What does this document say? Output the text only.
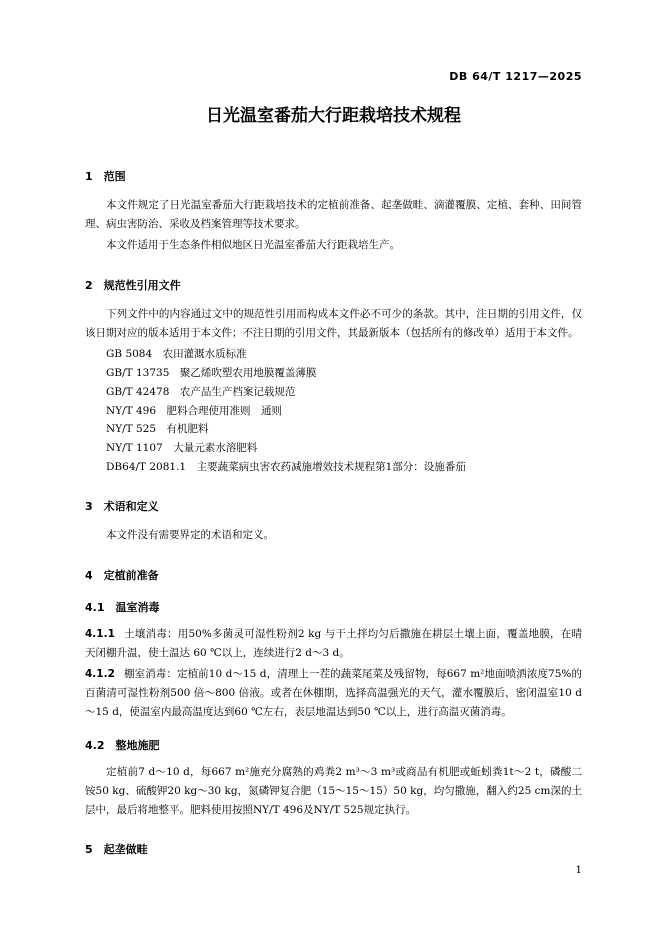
DB 64/T 1217—2025
日光温室番茄大行距栽培技术规程
1　范围

本文件规定了日光温室番茄大行距栽培技术的定植前准备、起垄做畦、滴灌覆膜、定植、套种、田间管理、病虫害防治、采收及档案管理等技术要求。

本文件适用于生态条件相似地区日光温室番茄大行距栽培生产。

2　规范性引用文件

下列文件中的内容通过文中的规范性引用而构成本文件必不可少的条款。其中，注日期的引用文件，仅该日期对应的版本适用于本文件；不注日期的引用文件，其最新版本（包括所有的修改单）适用于本文件。

GB 5084　农田灌溉水质标准
GB/T 13735　聚乙烯吹塑农用地膜覆盖薄膜
GB/T 42478　农产品生产档案记载规范
NY/T 496　肥料合理使用准则　通则
NY/T 525　有机肥料
NY/T 1107　大量元素水溶肥料
DB64/T 2081.1　主要蔬菜病虫害农药减施增效技术规程第1部分：设施番茄
3　术语和定义

本文件没有需要界定的术语和定义。

4　定植前准备
4.1　温室消毒

4.1.1 土壤消毒：用50%多菌灵可湿性粉剂2 kg 与干土拌均匀后撒施在耕层土壤上面，覆盖地膜，在晴天闭棚升温，使土温达 60 ℃以上，连续进行2 d～3 d。

4.1.2 棚室消毒：定植前10 d～15 d，清理上一茬的蔬菜尾菜及残留物，每667 m²地面喷洒浓度75%的百菌清可湿性粉剂500 倍～800 倍液。或者在休棚期，选择高温强光的天气，灌水覆膜后，密闭温室10 d～15 d，使温室内最高温度达到60 ℃左右，表层地温达到50 ℃以上，进行高温灭菌消毒。

4.2　整地施肥

定植前7 d～10 d，每667 m²施充分腐熟的鸡粪2 m³～3 m³或商品有机肥或蚯蚓粪1t～2 t，磷酸二铵50 kg、硫酸钾20 kg～30 kg，氮磷钾复合肥（15～15～15）50 kg，均匀撒施，翻入约25 cm深的土层中，最后将地整平。肥料使用按照NY/T 496及NY/T 525规定执行。

5　起垄做畦
1
